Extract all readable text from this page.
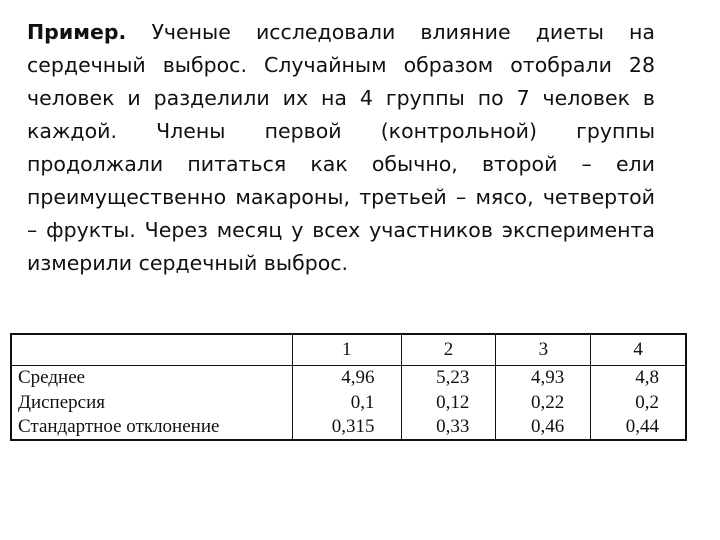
Пример. Ученые исследовали влияние диеты на сердечный выброс. Случайным образом отобрали 28 человек и разделили их на 4 группы по 7 человек в каждой. Члены первой (контрольной) группы продолжали питаться как обычно, второй – ели преимущественно макароны, третьей – мясо, четвертой – фрукты. Через месяц у всех участников эксперимента измерили сердечный выброс.

	1	2	3	4
Среднее	4,96	5,23	4,93	4,8
Дисперсия	0,1	0,12	0,22	0,2
Стандартное отклонение	0,315	0,33	0,46	0,44
